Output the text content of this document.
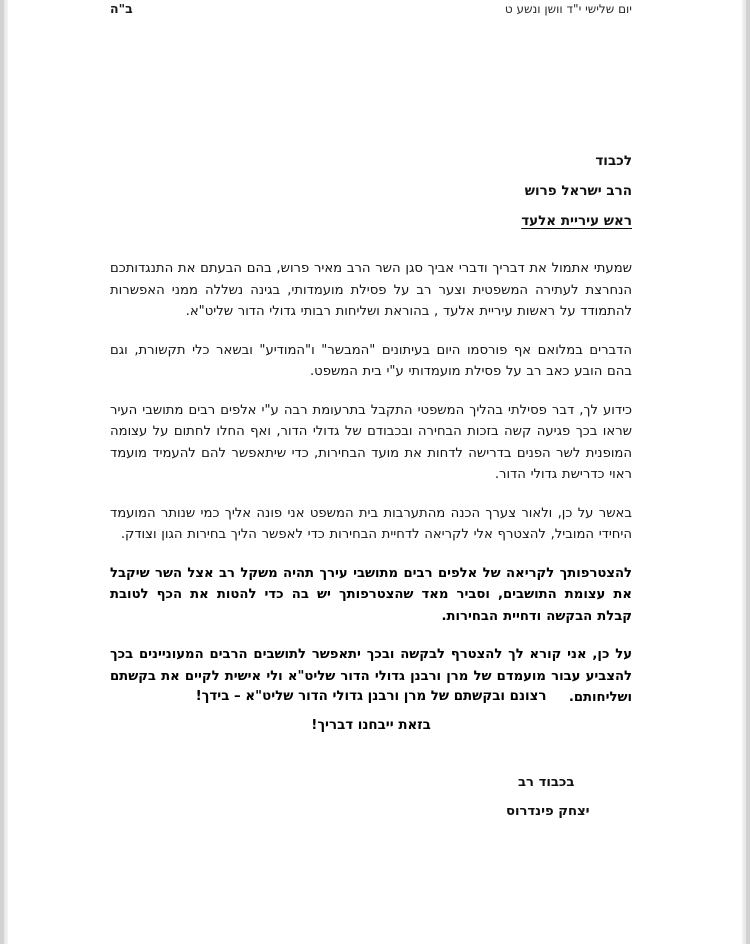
ב"ה	יום שלישי י"ד וושן ונשע ט
לכבוד
הרב ישראל פרוש
ראש עיריית אלעד

שמעתי אתמול את דבריך ודברי אביך סגן השר הרב מאיר פרוש, בהם הבעתם את התנגדותכם הנחרצת לעתירה המשפטית וצער רב על פסילת מועמדותי, בגינה נשללה ממני האפשרות להתמודד על ראשות עיריית אלעד , בהוראת ושליחות רבותי גדולי הדור שליט"א.

הדברים במלואם אף פורסמו היום בעיתונים "המבשר" ו"המודיע" ובשאר כלי תקשורת, וגם בהם הובע כאב רב על פסילת מועמדותי ע"י בית המשפט.

כידוע לך, דבר פסילתי בהליך המשפטי התקבל בתרעומת רבה ע"י אלפים רבים מתושבי העיר שראו בכך פגיעה קשה בזכות הבחירה ובכבודם של גדולי הדור, ואף החלו לחתום על עצומה המופנית לשר הפנים בדרישה לדחות את מועד הבחירות, כדי שיתאפשר להם להעמיד מועמד ראוי כדרישת גדולי הדור.

באשר על כן, ולאור צערך הכנה מהתערבות בית המשפט אני פונה אליך כמי שנותר המועמד היחידי המוביל, להצטרף אלי לקריאה לדחיית הבחירות כדי לאפשר הליך בחירות הגון וצודק.

להצטרפותך לקריאה של אלפים רבים מתושבי עירך תהיה משקל רב אצל השר שיקבל את עצומת התושבים, וסביר מאד שהצטרפותך יש בה כדי להטות את הכף לטובת קבלת הבקשה ודחיית הבחירות.

על כן, אני קורא לך להצטרף לבקשה ובכך יתאפשר לתושבים הרבים המעוניינים בכך להצביע עבור מועמדם של מרן ורבנן גדולי הדור שליט"א ולי אישית לקיים את בקשתם ושליחותם.

רצונם ובקשתם של מרן ורבנן גדולי הדור שליט"א – בידך!
בזאת ייבחנו דבריך!
בכבוד רב
יצחק פינדרוס
